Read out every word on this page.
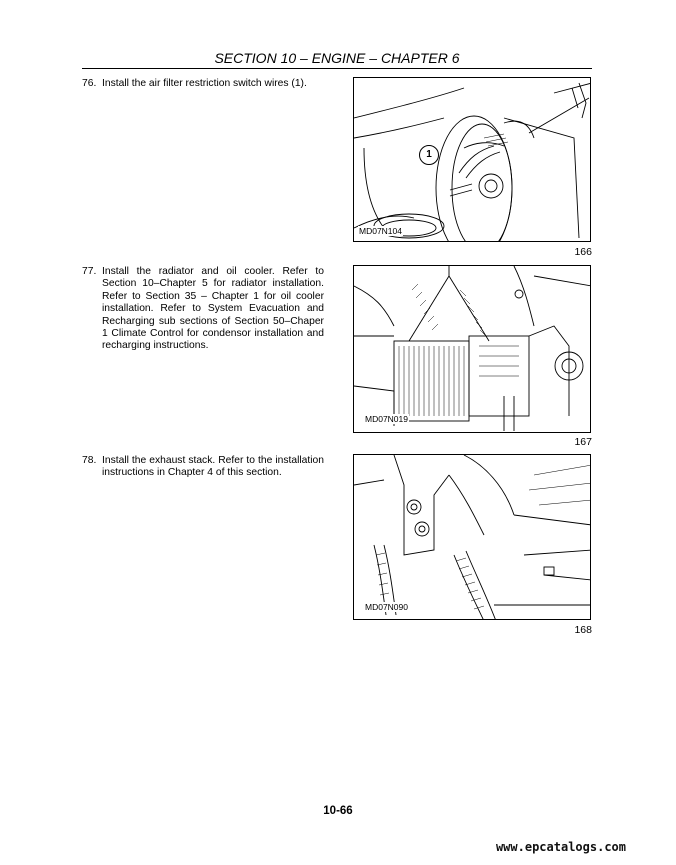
SECTION 10 – ENGINE – CHAPTER 6
76. Install the air filter restriction switch wires (1).
1
MD07N104
166
77. Install the radiator and oil cooler. Refer to Section 10–Chapter 5 for radiator installation. Refer to Section 35 – Chapter 1 for oil cooler installation. Refer to System Evacuation and Recharging sub sections of Section 50–Chaper 1 Climate Control for condensor installation and recharging instructions.
MD07N019
167
78. Install the exhaust stack. Refer to the installation instructions in Chapter 4 of this section.
MD07N090
168
10-66
www.epcatalogs.com
